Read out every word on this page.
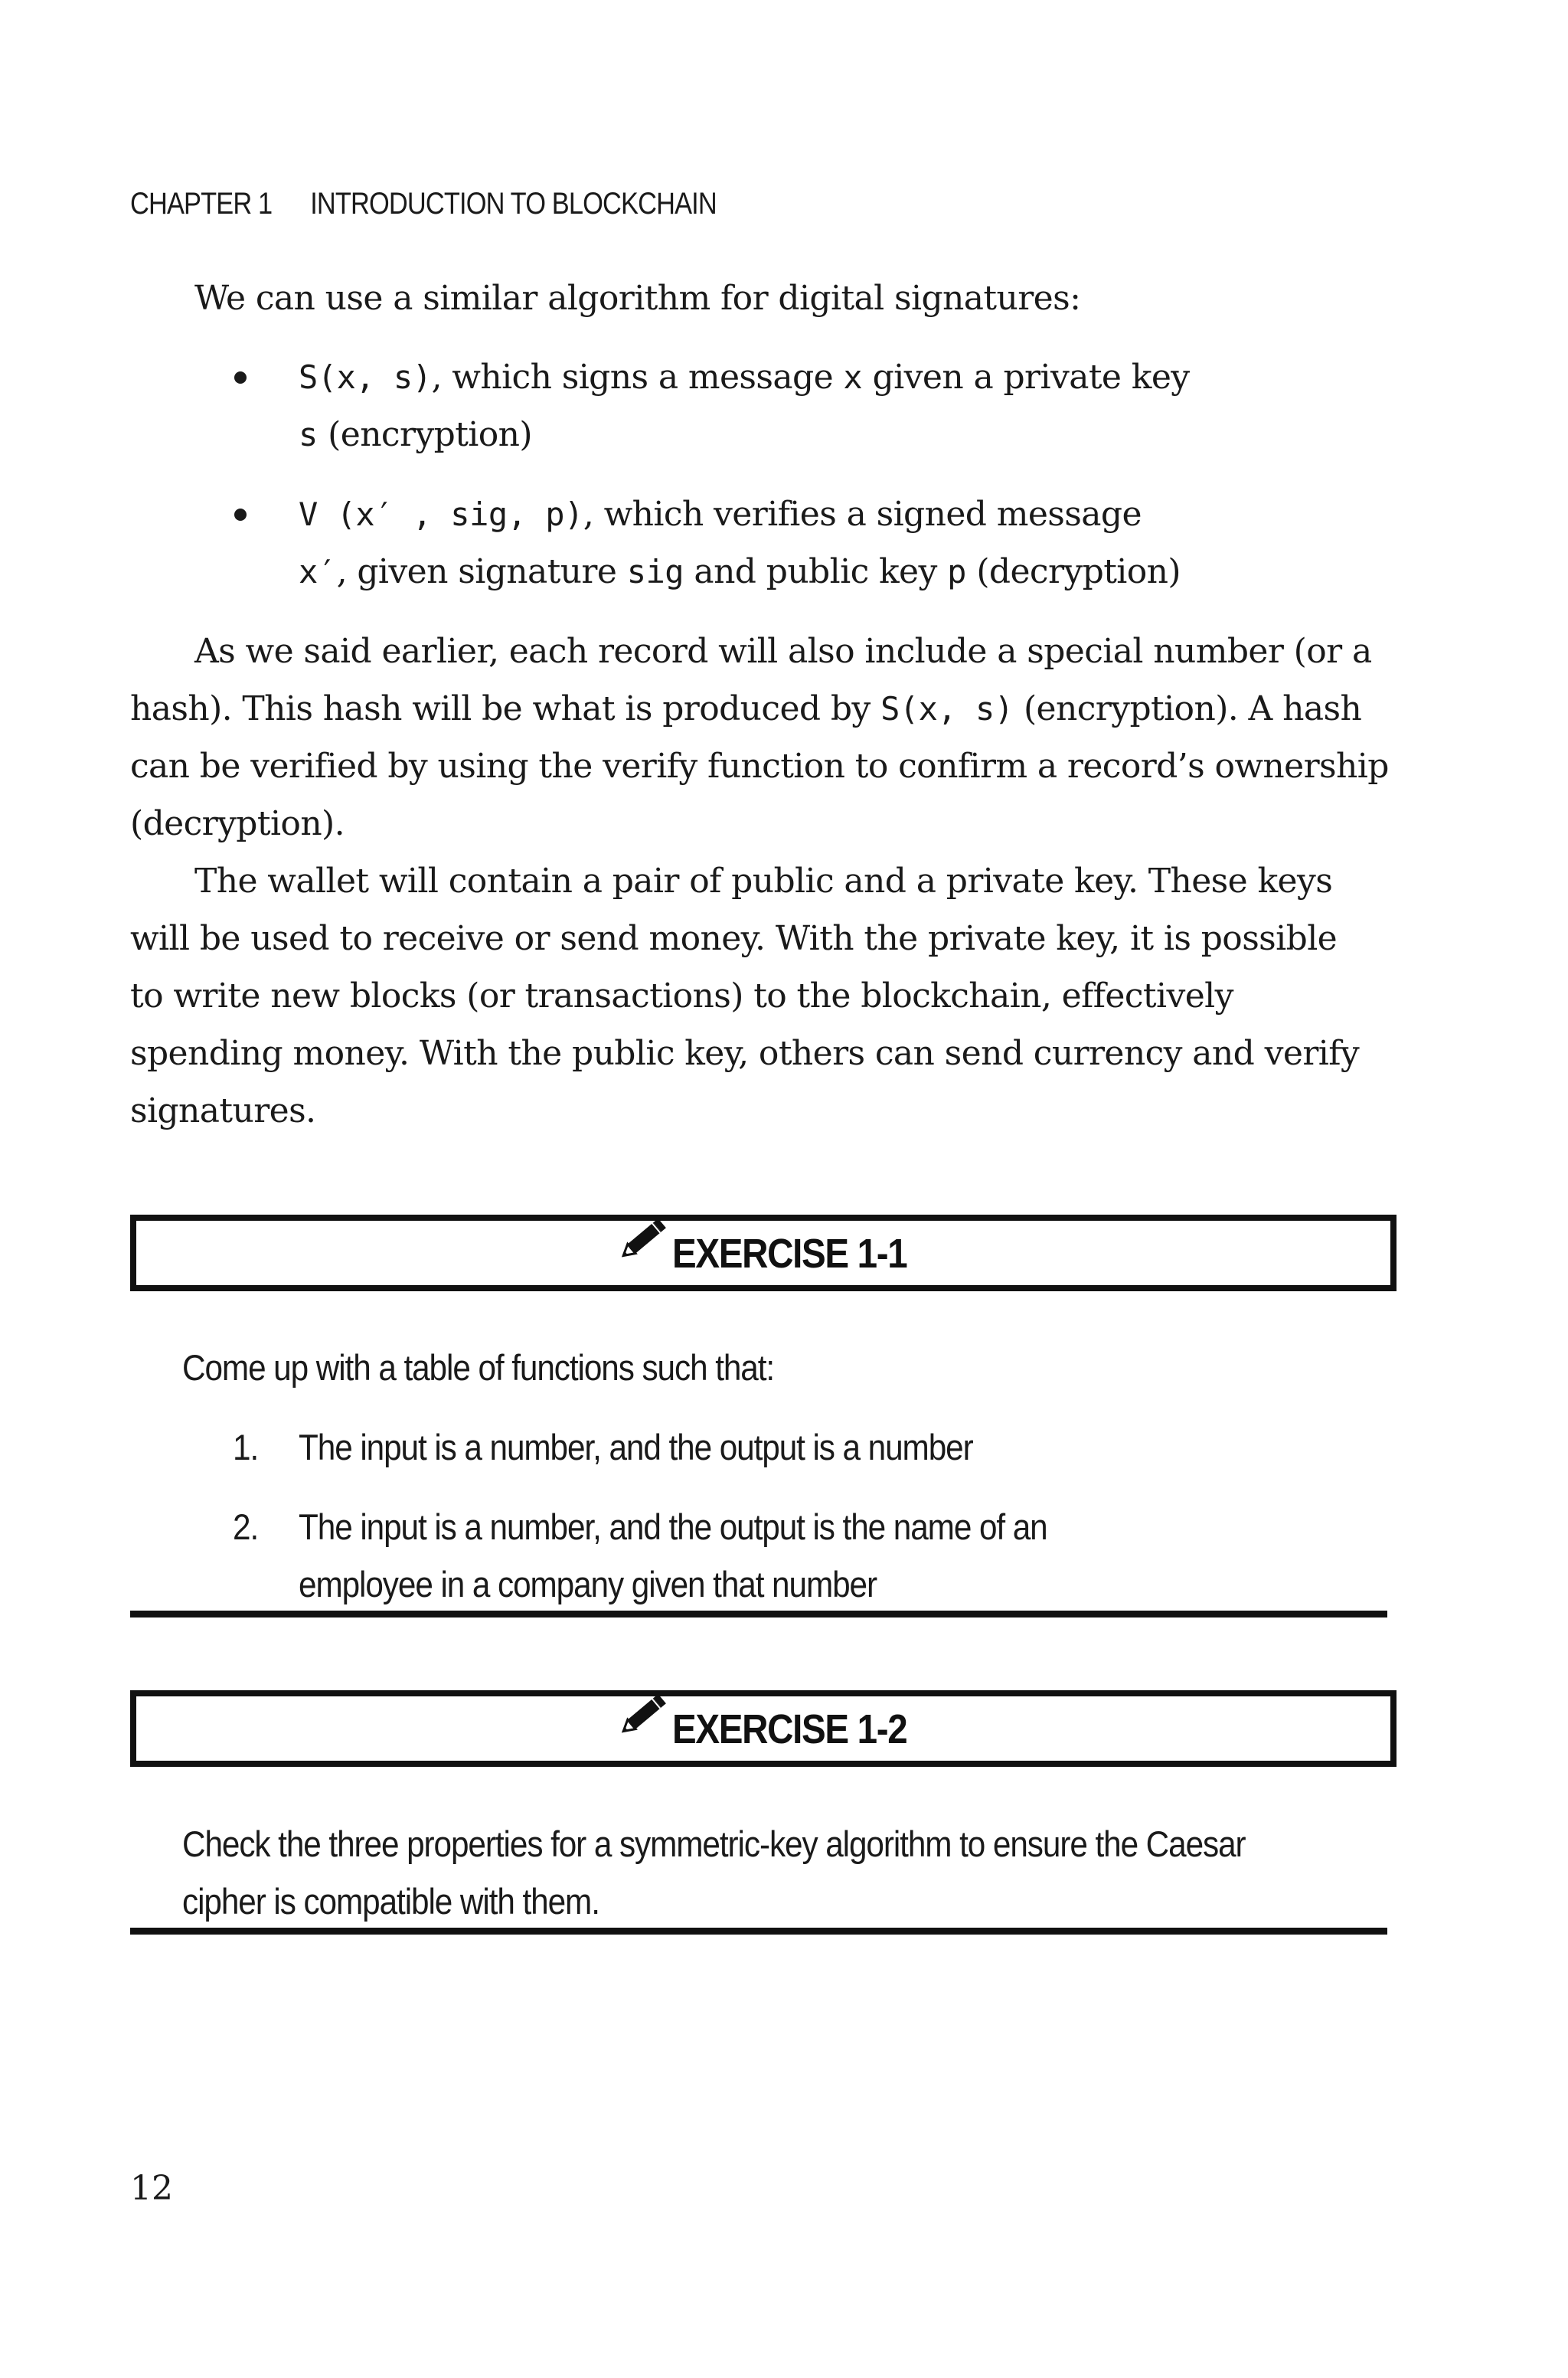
CHAPTER 1 INTRODUCTION TO BLOCKCHAIN
We can use a similar algorithm for digital signatures:
S(x, s), which signs a message x given a private key
s (encryption)
V (x′ , sig, p), which verifies a signed message
x′, given signature sig and public key p (decryption)
As we said earlier, each record will also include a special number (or a
hash). This hash will be what is produced by S(x, s) (encryption). A hash
can be verified by using the verify function to confirm a record’s ownership
(decryption).
The wallet will contain a pair of public and a private key. These keys
will be used to receive or send money. With the private key, it is possible
to write new blocks (or transactions) to the blockchain, effectively
spending money. With the public key, others can send currency and verify
signatures.
EXERCISE 1-1
Come up with a table of functions such that:
1. The input is a number, and the output is a number
2. The input is a number, and the output is the name of an
employee in a company given that number
EXERCISE 1-2
Check the three properties for a symmetric-key algorithm to ensure the Caesar
cipher is compatible with them.
12
